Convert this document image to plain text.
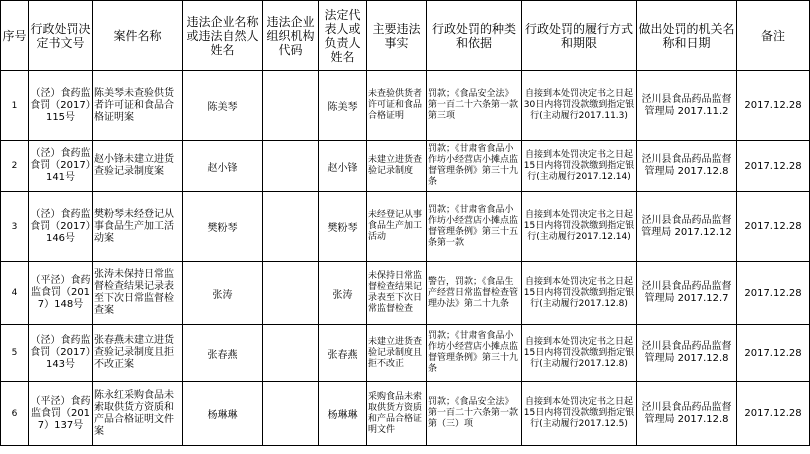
序号	行政处罚决定书文号	案件名称	违法企业名称或违法自然人姓名	违法企业组织机构代码	法定代表人或负责人姓名	主要违法事实	行政处罚的种类和依据	行政处罚的履行方式和期限	做出处罚的机关名称和日期	备注
1	（泾）食药监食罚（2017）115号	陈美琴未查验供货者许可证和食品合格证明案	陈美琴		陈美琴	未查验供货者许可证和食品合格证明	罚款；《食品安全法》第一百二十六条第一款第三项	自接到本处罚决定书之日起30日内将罚没款缴到指定银行(主动履行2017.11.3)	泾川县食品药品监督管理局 2017.11.2	2017.12.28
2	（泾）食药监食罚（2017）141号	赵小锋未建立进货查验记录制度案	赵小锋		赵小锋	未建立进货查验记录制度	罚款；《甘肃省食品小作坊小经营店小摊点监督管理条例》第三十九条	自接到本处罚决定书之日起15日内将罚没款缴到指定银行(主动履行2017.12.14)	泾川县食品药品监督管理局 2017.12.8	2017.12.28
3	（泾）食药监食罚（2017）146号	樊粉琴未经登记从事食品生产加工活动案	樊粉琴		樊粉琴	未经登记从事食品生产加工活动	罚款；《甘肃省食品小作坊小经营店小摊点监督管理条例》第三十五条第一款	自接到本处罚决定书之日起15日内将罚没款缴到指定银行(主动履行2017.12.14)	泾川县食品药品监督管理局 2017.12.12	2017.12.28
4	（平泾）食药监食罚（2017）148号	张涛未保持日常监督检查结果记录表至下次日常监督检查案	张涛		张涛	未保持日常监督检查结果记录表至下次日常监督检查	警告，罚款；《食品生产经营日常监督检查管理办法》第二十九条	自接到本处罚决定书之日起15日内将罚没款缴到指定银行(主动履行2017.12.8)	泾川县食品药品监督管理局 2017.12.7	2017.12.28
5	（泾）食药监食罚（2017）143号	张春燕未建立进货查验记录制度且拒不改正案	张春燕		张春燕	未建立进货查验记录制度且拒不改正	罚款；《甘肃省食品小作坊小经营店小摊点监督管理条例》第三十九条	自接到本处罚决定书之日起15日内将罚没款缴到指定银行(主动履行2017.12.8)	泾川县食品药品监督管理局 2017.12.8	2017.12.28
6	（平泾）食药监食罚（2017）137号	陈永红采购食品未索取供货方资质和产品合格证明文件案	杨琳琳		杨琳琳	采购食品未索取供货方资质和产品合格证明文件	罚款；《食品安全法》第一百二十六条第一款第（三）项	自接到本处罚决定书之日起15日内将罚没款缴到指定银行(主动履行2017.12.5)	泾川县食品药品监督管理局 2017.12.8	2017.12.28
